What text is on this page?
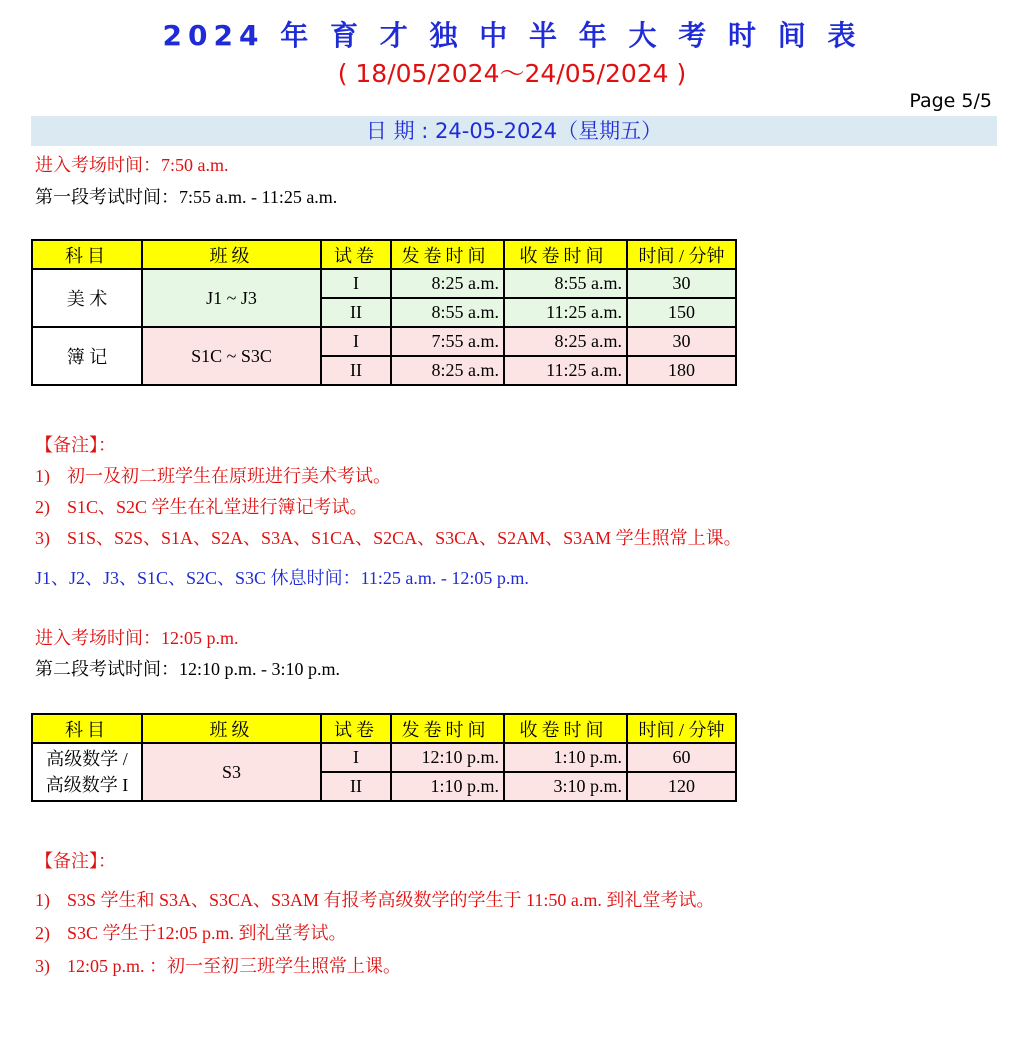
2024 年 育 才 独 中 半 年 大 考 时 间 表
( 18/05/2024～24/05/2024 )
Page 5/5
日 期 : 24-05-2024（星期五）
进入考场时间：7:50 a.m.
第一段考试时间：7:55 a.m. - 11:25 a.m.
科目	班级	试卷	发卷时间	收卷时间	时间 / 分钟
美 术	J1 ~ J3	I	8:25 a.m.	8:55 a.m.	30
		II	8:55 a.m.	11:25 a.m.	150
簿 记	S1C ~ S3C	I	7:55 a.m.	8:25 a.m.	30
		II	8:25 a.m.	11:25 a.m.	180
【备注】：
1) 初一及初二班学生在原班进行美术考试。
2) S1C、S2C 学生在礼堂进行簿记考试。
3) S1S、S2S、S1A、S2A、S3A、S1CA、S2CA、S3CA、S2AM、S3AM 学生照常上课。
J1、J2、J3、S1C、S2C、S3C 休息时间：11:25 a.m. - 12:05 p.m.
进入考场时间：12:05 p.m.
第二段考试时间：12:10 p.m. - 3:10 p.m.
科目	班级	试卷	发卷时间	收卷时间	时间 / 分钟

高级数学 /
高级数学 I	S3	I	12:10 p.m.	1:10 p.m.	60
		II	1:10 p.m.	3:10 p.m.	120
【备注】：
1) S3S 学生和 S3A、S3CA、S3AM 有报考高级数学的学生于 11:50 a.m. 到礼堂考试。
2) S3C 学生于12:05 p.m. 到礼堂考试。
3) 12:05 p.m. ：初一至初三班学生照常上课。
